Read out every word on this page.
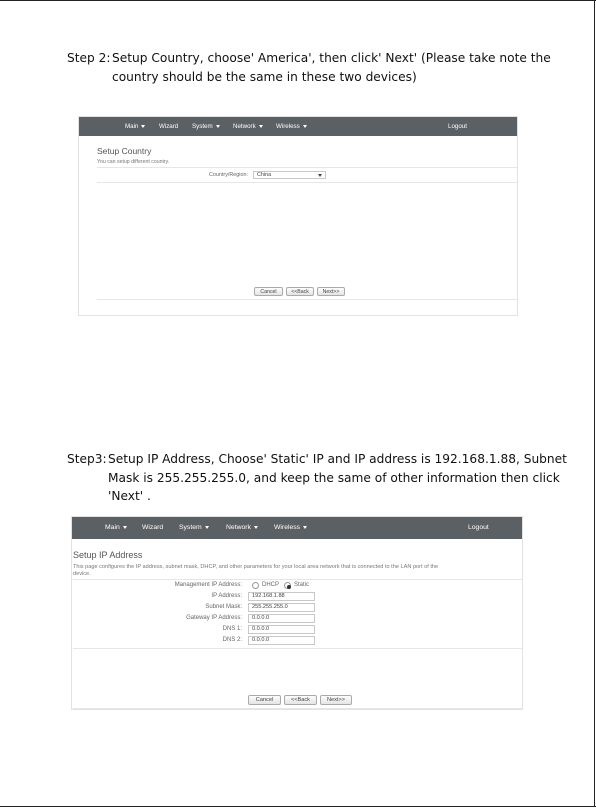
Step 2: Setup Country, choose' America', then click' Next' (Please take note the
country should be the same in these two devices)
Main	Wizard System	Network	Wireless	Logout
Setup Country
You can setup different country.
Country/Region:	China
Cancel	<<Back	Next>>
Step3: Setup IP Address, Choose' Static' IP and IP address is 192.168.1.88, Subnet
Mask is 255.255.255.0, and keep the same of other information then click
'Next' .
Main	Wizard System	Network	Wireless	Logout
Setup IP Address
This page configures the IP address, subnet mask, DHCP, and other parameters for your local area network that is connected to the LAN port of the
device.
Management IP Address:	DHCP Static
IP Address:	192.168.1.88
Subnet Mask:	255.255.255.0
Gateway IP Address:	0.0.0.0
DNS 1:	0.0.0.0
DNS 2:	0.0.0.0
Cancel	<<Back	Next>>
